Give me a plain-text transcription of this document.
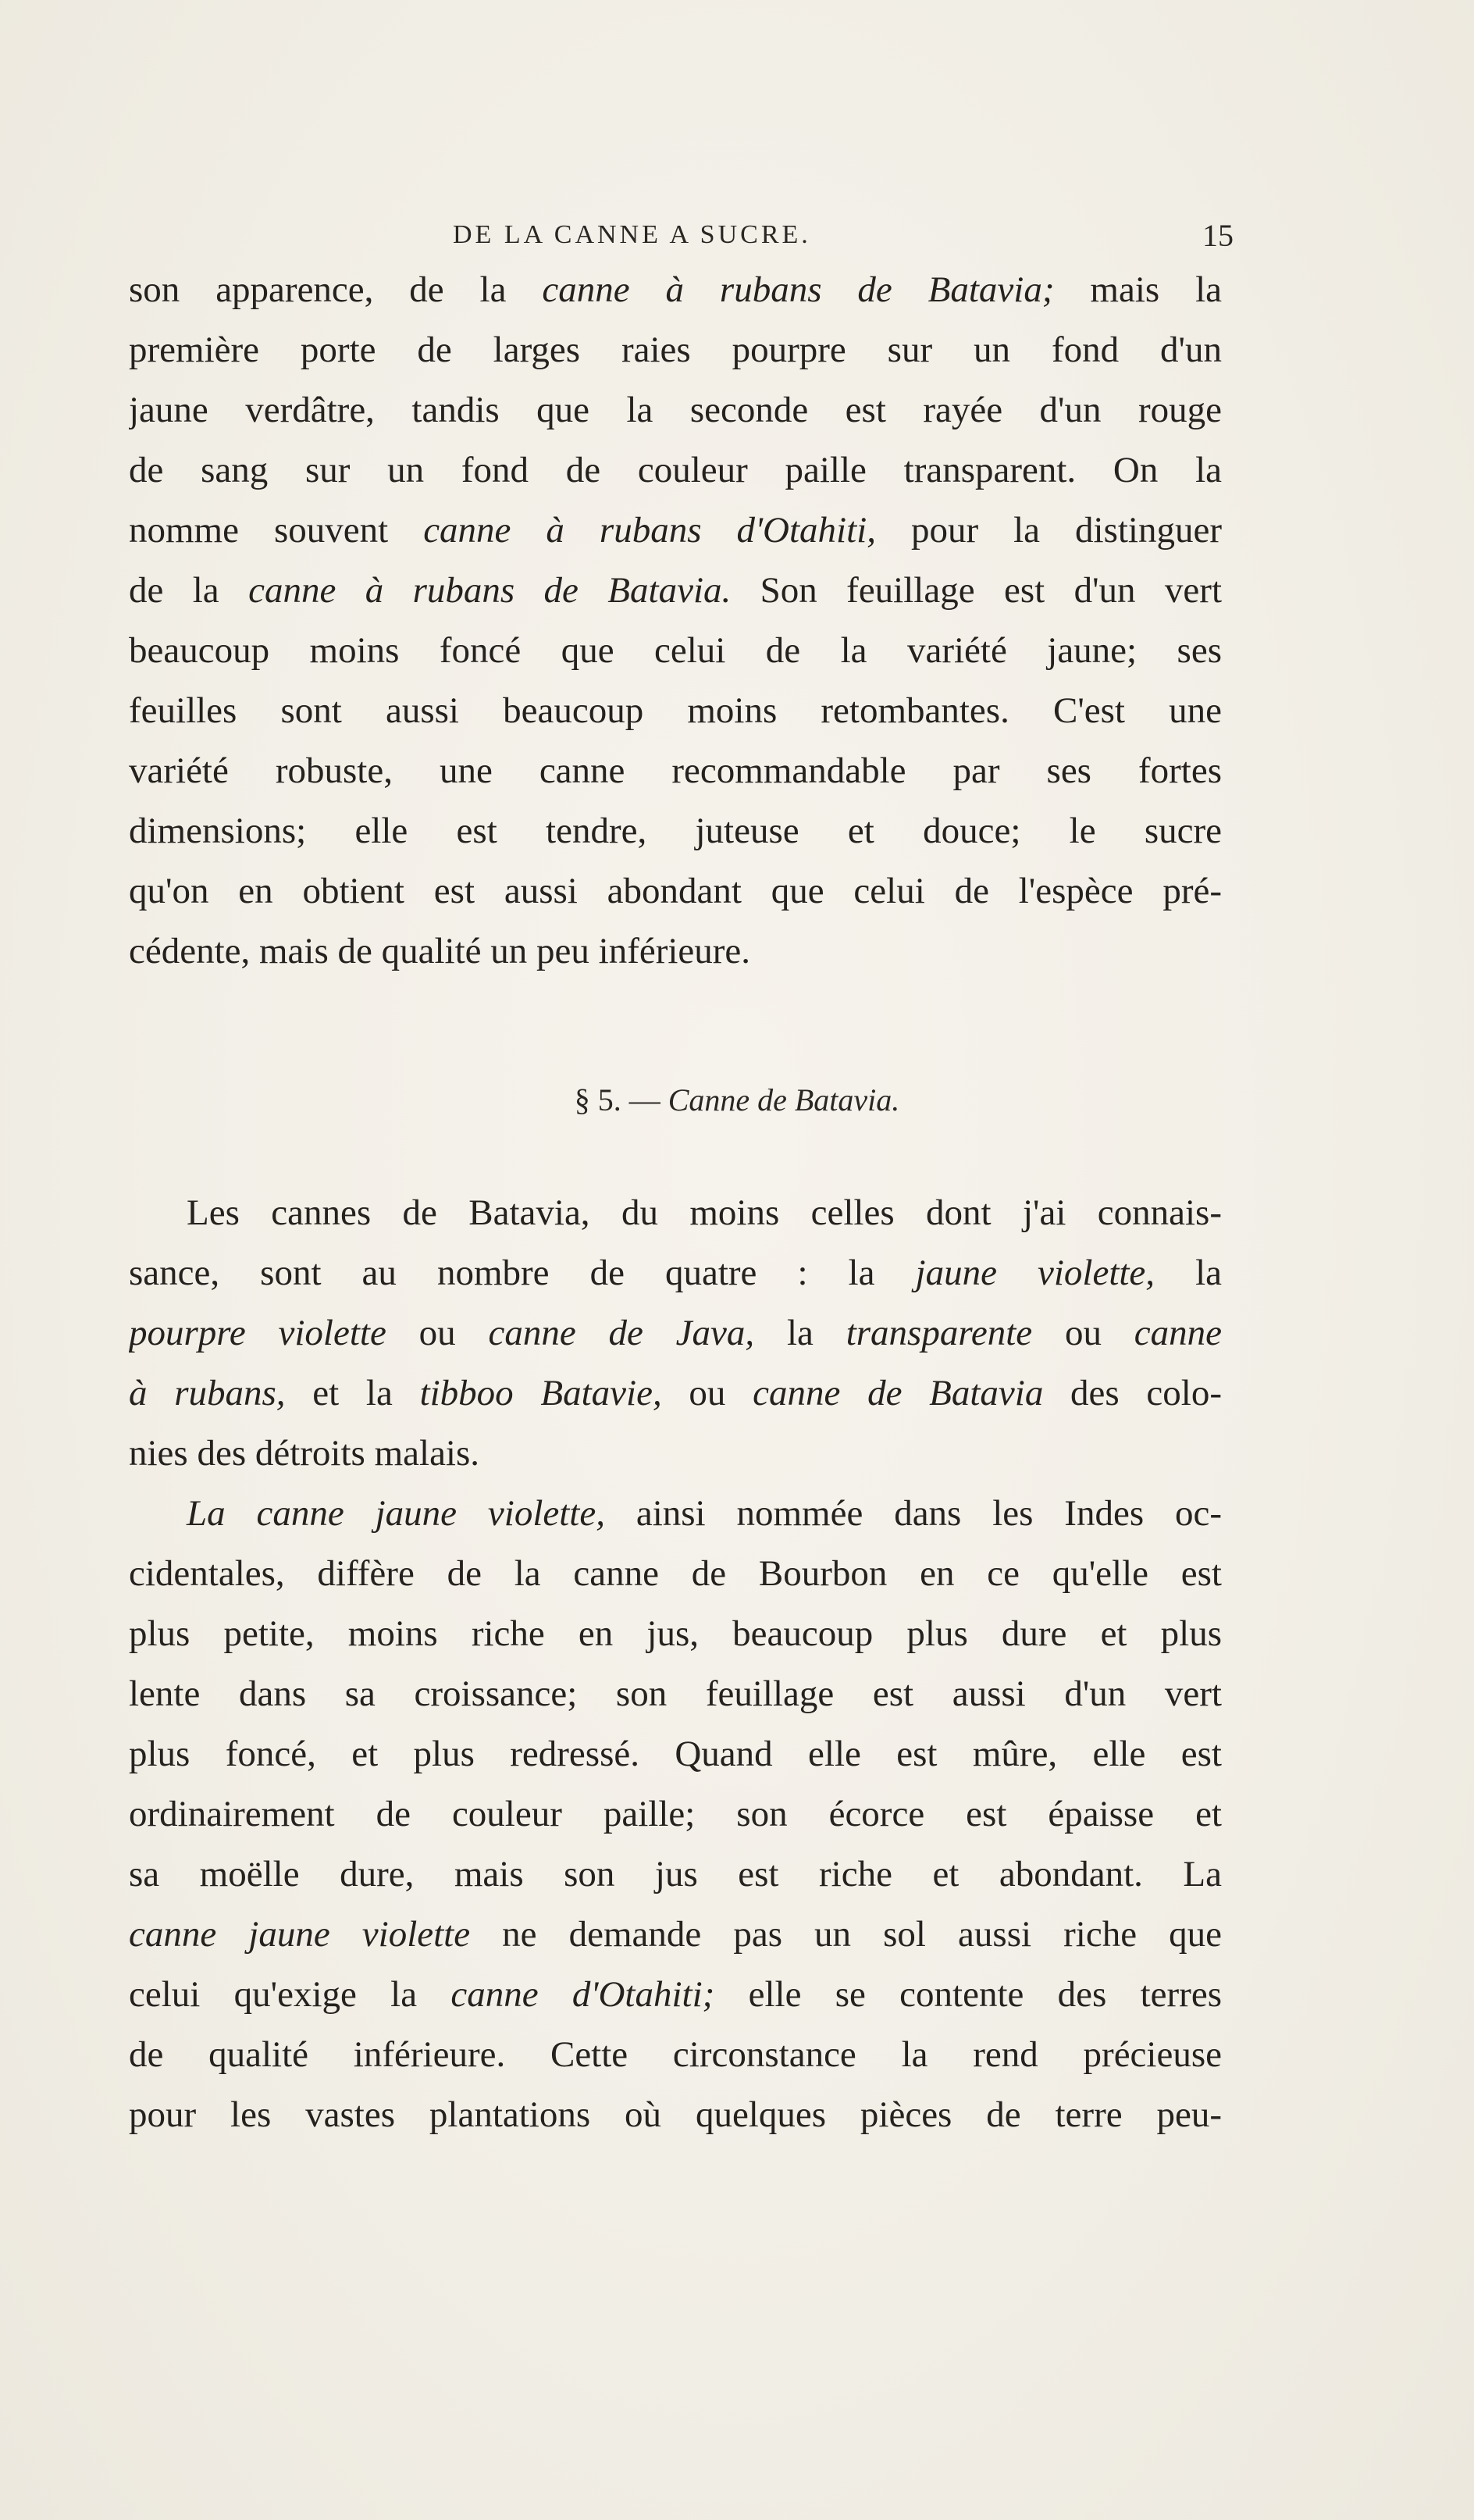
DE LA CANNE A SUCRE.	15
son apparence, de la canne à rubans de Batavia; mais la
première porte de larges raies pourpre sur un fond d'un
jaune verdâtre, tandis que la seconde est rayée d'un rouge
de sang sur un fond de couleur paille transparent. On la
nomme souvent canne à rubans d'Otahiti, pour la distinguer
de la canne à rubans de Batavia. Son feuillage est d'un vert
beaucoup moins foncé que celui de la variété jaune; ses
feuilles sont aussi beaucoup moins retombantes. C'est une
variété robuste, une canne recommandable par ses fortes
dimensions; elle est tendre, juteuse et douce; le sucre
qu'on en obtient est aussi abondant que celui de l'espèce pré-
cédente, mais de qualité un peu inférieure.
§ 5. — Canne de Batavia.
Les cannes de Batavia, du moins celles dont j'ai connais-
sance, sont au nombre de quatre : la jaune violette, la
pourpre violette ou canne de Java, la transparente ou canne
à rubans, et la tibboo Batavie, ou canne de Batavia des colo-
nies des détroits malais.
La canne jaune violette, ainsi nommée dans les Indes oc-
cidentales, diffère de la canne de Bourbon en ce qu'elle est
plus petite, moins riche en jus, beaucoup plus dure et plus
lente dans sa croissance; son feuillage est aussi d'un vert
plus foncé, et plus redressé. Quand elle est mûre, elle est
ordinairement de couleur paille; son écorce est épaisse et
sa moëlle dure, mais son jus est riche et abondant. La
canne jaune violette ne demande pas un sol aussi riche que
celui qu'exige la canne d'Otahiti; elle se contente des terres
de qualité inférieure. Cette circonstance la rend précieuse
pour les vastes plantations où quelques pièces de terre peu-
